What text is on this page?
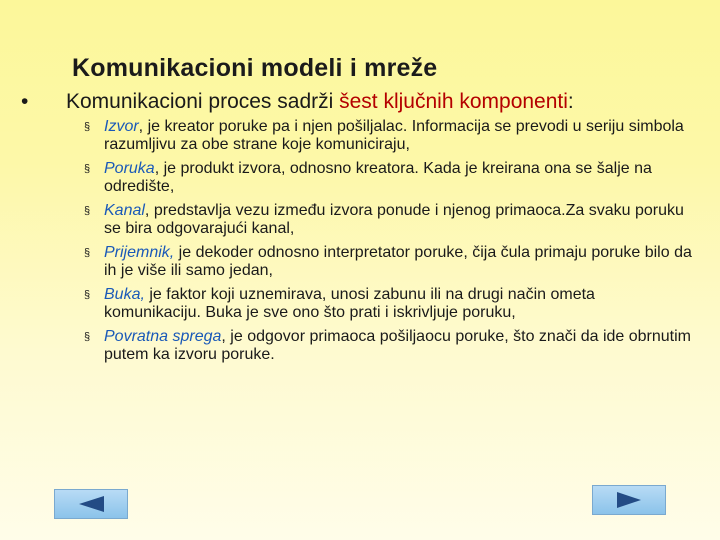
Komunikacioni modeli i mreže
•	Komunikacioni proces sadrži šest ključnih komponenti:
§ Izvor, je kreator poruke pa i njen pošiljalac. Informacija se prevodi u seriju simbola razumljivu za obe strane koje komuniciraju,
§ Poruka, je produkt izvora, odnosno kreatora. Kada je kreirana ona se šalje na odredište,
§ Kanal, predstavlja vezu između izvora ponude i njenog primaoca.Za svaku poruku se bira odgovarajući kanal,
§ Prijemnik, je dekoder odnosno interpretator poruke, čija čula primaju poruke bilo da ih je više ili samo jedan,
§ Buka, je faktor koji uznemirava, unosi zabunu ili na drugi način ometa komunikaciju. Buka je sve ono što prati i iskrivljuje poruku,
§ Povratna sprega, je odgovor primaoca pošiljaocu poruke, što znači da ide obrnutim putem ka izvoru poruke.
